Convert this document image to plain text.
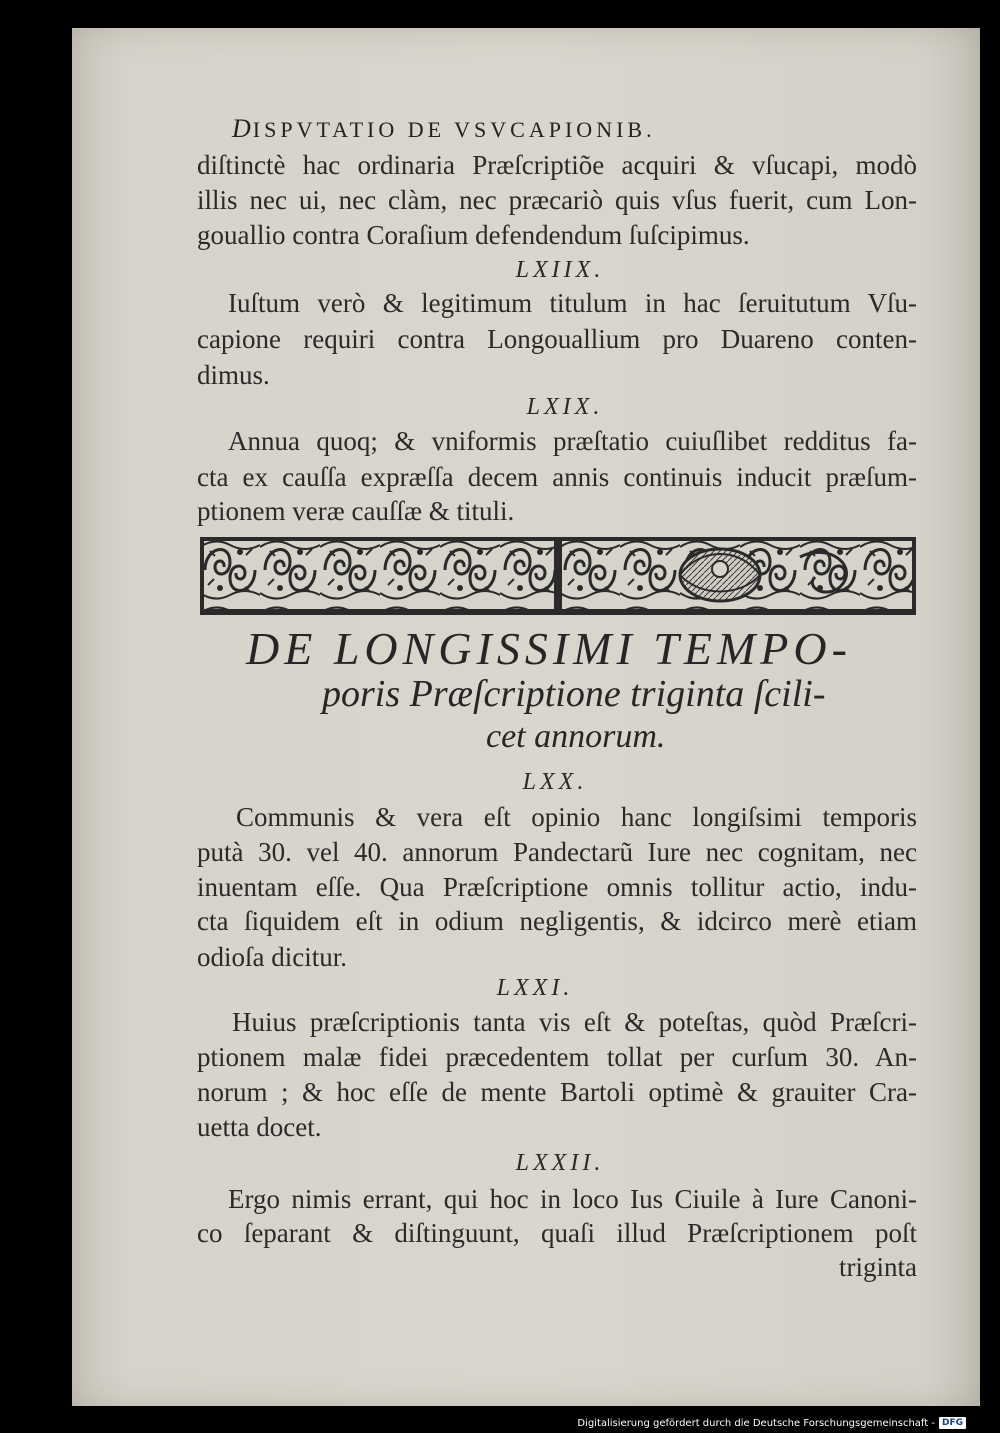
DISPVTATIO DE VSVCAPIONIB.
diſtinctè hac ordinaria Præſcriptiõe acquiri & vſucapi, modò
illis nec ui, nec clàm, nec præcariò quis vſus fuerit, cum Lon-
gouallio contra Coraſium defendendum ſuſcipimus.
LXIIX.
Iuſtum verò & legitimum titulum in hac ſeruitutum Vſu-
capione requiri contra Longouallium pro Duareno conten-
dimus.
LXIX.
Annua quoq; & vniformis præſtatio cuiuſlibet redditus fa-
cta ex cauſſa expræſſa decem annis continuis inducit præſum-
ptionem veræ cauſſæ & tituli.
DE LONGISSIMI TEMPO-
poris Præſcriptione triginta ſcili-
cet annorum.
LXX.
Communis & vera eſt opinio hanc longiſsimi temporis
putà 30. vel 40. annorum Pandectarũ Iure nec cognitam, nec
inuentam eſſe. Qua Præſcriptione omnis tollitur actio, indu-
cta ſiquidem eſt in odium negligentis, & idcirco merè etiam
odioſa dicitur.
LXXI.
Huius præſcriptionis tanta vis eſt & poteſtas, quòd Præſcri-
ptionem malæ fidei præcedentem tollat per curſum 30. An-
norum ; & hoc eſſe de mente Bartoli optimè & grauiter Cra-
uetta docet.
LXXII.
Ergo nimis errant, qui hoc in loco Ius Ciuile à Iure Canoni-
co ſeparant & diſtinguunt, quaſi illud Præſcriptionem poſt
triginta
Digitalisierung gefördert durch die Deutsche Forschungsgemeinschaft - DFG
